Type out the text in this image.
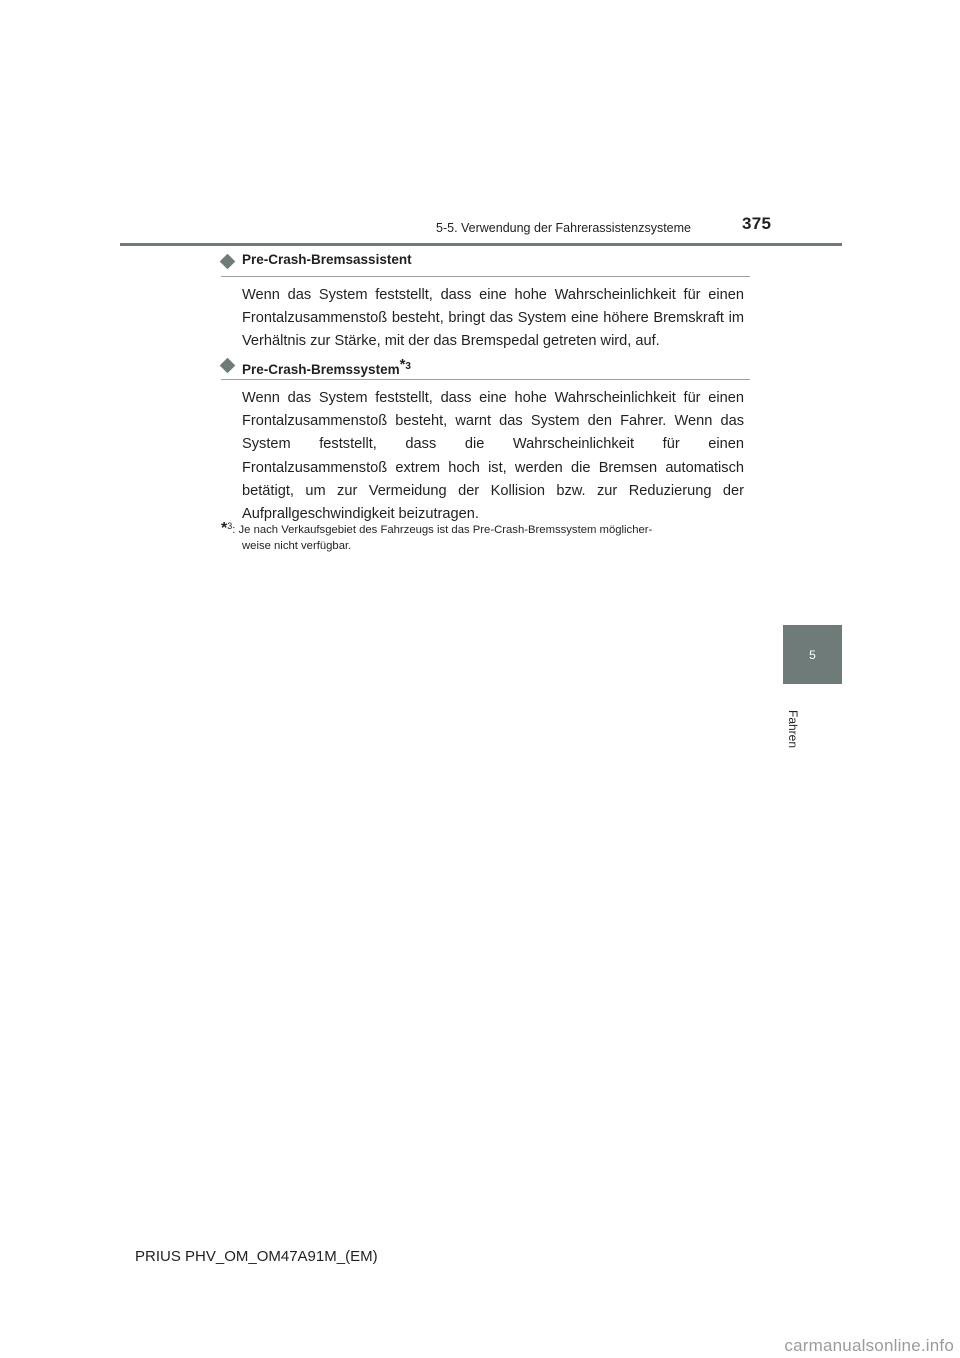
5-5. Verwendung der Fahrerassistenzsysteme	375
Pre-Crash-Bremsassistent

Wenn das System feststellt, dass eine hohe Wahrscheinlichkeit für einen Frontalzusammenstoß besteht, bringt das System eine höhere Bremskraft im Verhältnis zur Stärke, mit der das Bremspedal getreten wird, auf.

Pre-Crash-Bremssystem$^{*3}$

Wenn das System feststellt, dass eine hohe Wahrscheinlichkeit für einen Frontalzusammenstoß besteht, warnt das System den Fahrer. Wenn das System feststellt, dass die Wahrscheinlichkeit für einen Frontalzusammenstoß extrem hoch ist, werden die Bremsen automatisch betätigt, um zur Vermeidung der Kollision bzw. zur Reduzierung der Aufprallgeschwindigkeit beizutragen.

*$^3$: Je nach Verkaufsgebiet des Fahrzeugs ist das Pre-Crash-Bremssystem möglicher-
weise nicht verfügbar.
5
Fahren
PRIUS PHV_OM_OM47A91M_(EM)
carmanualsonline.info
